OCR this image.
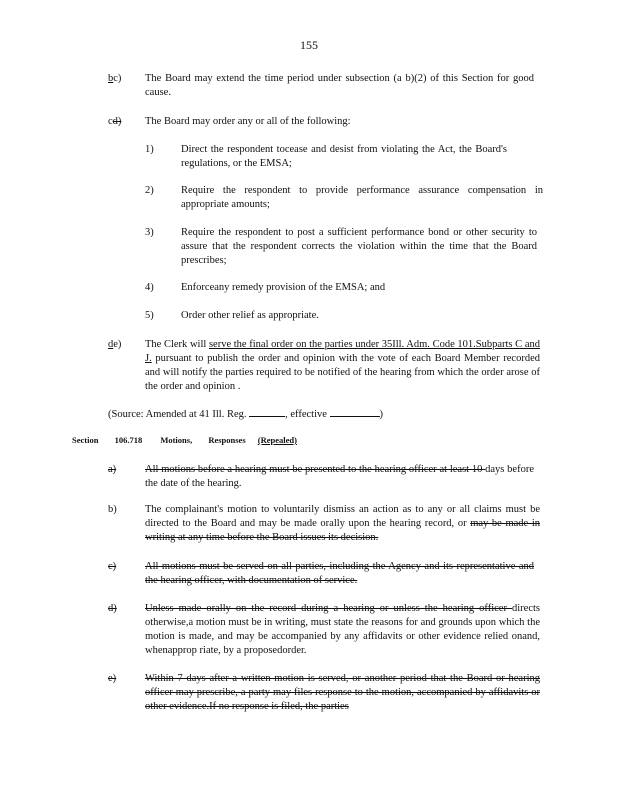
155
bc) The Board may extend the time period under subsection (a b)(2) of this Section for good cause.
cd) The Board may order any or all of the following:
1)	Direct the respondent tocease and desist from violating the Act, the Board's regulations, or the EMSA;
2)	Require the respondent to provide performance assurance compensation in appropriate amounts;
3)	Require the respondent to post a sufficient performance bond or other security to assure that the respondent corrects the violation within the time that the Board prescribes;
4)	Enforceany remedy provision of the EMSA; and
5)	Order other relief as appropriate.
de) The Clerk will serve the final order on the parties under 35Ill. Adm. Code 101.Subparts C and J. pursuant to publish the order and opinion with the vote of each Board Member recorded and will notify the parties required to be notified of the hearing from which the order arose of the order and opinion .
(Source: Amended at 41 Ill. Reg.	, effective	)
Section 106.718 Motions, Responses (Repealed)
a)	All motions before a hearing must be presented to the hearing officer at least 10 days before the date of the hearing.
b)	The complainant's motion to voluntarily dismiss an action as to any or all claims must be directed to the Board and may be made orally upon the hearing record, or may be made in writing at any time before the Board issues its decision.
c)	All motions must be served on all parties, including the Agency and its representative and the hearing officer, with documentation of service.
d)	Unless made orally on the record during a hearing or unless the hearing officer directs otherwise,a motion must be in writing, must state the reasons for and grounds upon which the motion is made, and may be accompanied by any affidavits or other evidence relied onand, whenapprop riate, by a proposedorder.
e)	Within 7 days after a written motion is served, or another period that the Board or hearing officer may prescribe, a party may files response to the motion, accompanied by affidavits or other evidence.If no response is filed, the parties
